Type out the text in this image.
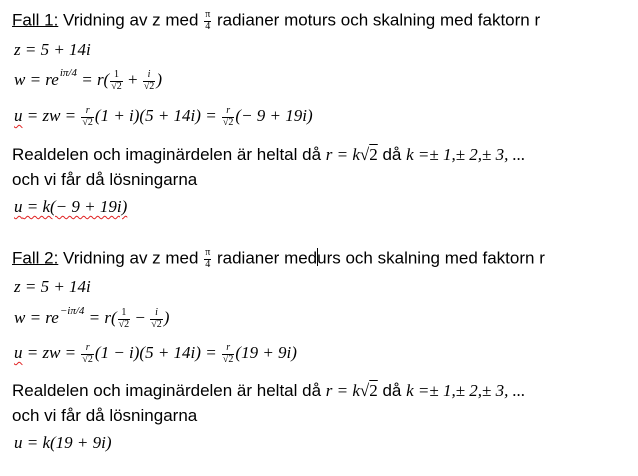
Fall 1: Vridning av z med $\frac{\pi}{4}$ radianer moturs och skalning med faktorn r
z = 5 + 14i
$w = re^{i\pi/4} = r( \frac{1}{√2} + \frac{i}{√2}$ )
u = zw = $\frac{r}{√2} (1 + i)(5 + 14i) = \frac{r}{√2}$ (− 9 + 19i)
Realdelen och imaginärdelen är heltal då r = k√2 då k =± 1,± 2,± 3, ...
och vi får då lösningarna
u = k(− 9 + 19i)
Fall 2: Vridning av z med $\frac{\pi}{4}$ radianer medurs och skalning med faktorn r
z = 5 + 14i
$w = re^{-i\pi/4} = r( \frac{1}{√2} - \frac{i}{√2}$ )
u = zw = $\frac{r}{√2} (1 - i)(5 + 14i) = \frac{r}{√2} (19 + 9i)$
Realdelen och imaginärdelen är heltal då r = k√2 då k =± 1,± 2,± 3, ...
och vi får då lösningarna
u = k(19 + 9i)
